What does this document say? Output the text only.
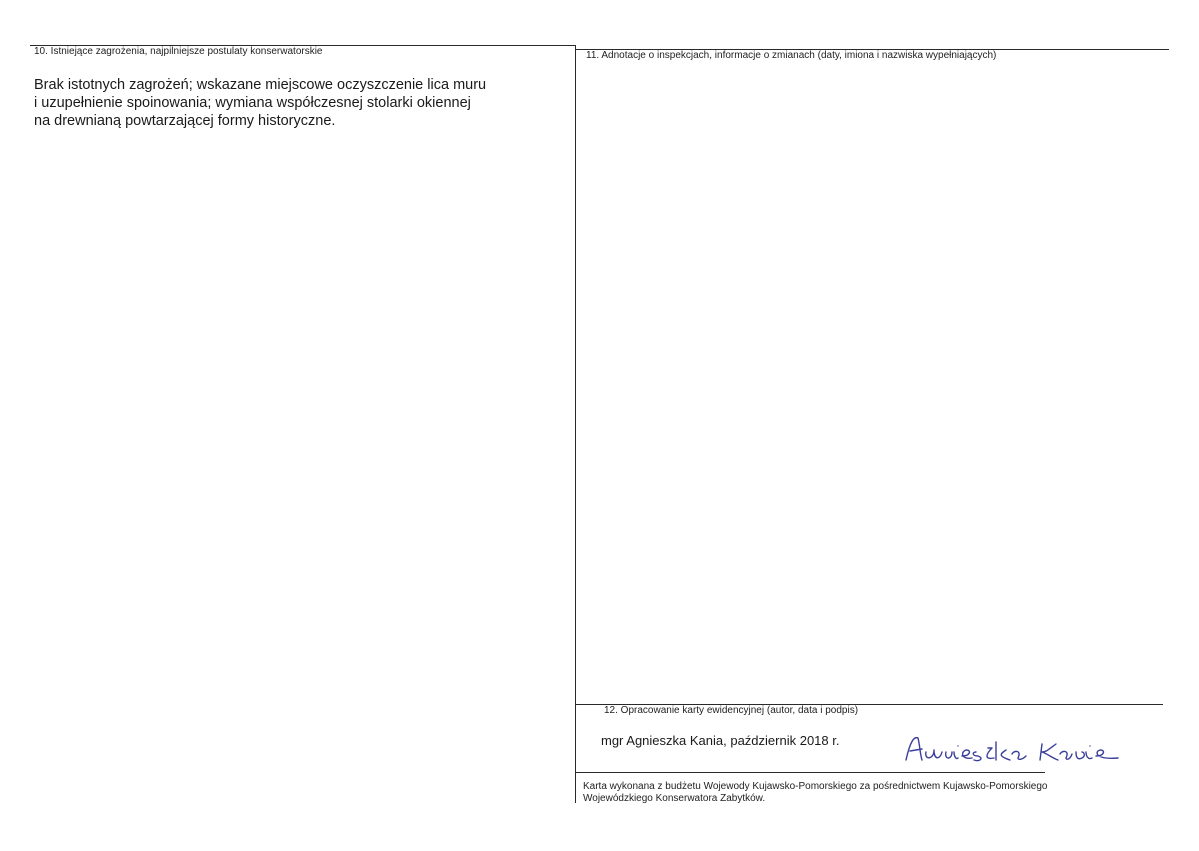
10. Istniejące zagrożenia, najpilniejsze postulaty konserwatorskie
Brak istotnych zagrożeń; wskazane miejscowe oczyszczenie lica muru
i uzupełnienie spoinowania; wymiana współczesnej stolarki okiennej
na drewnianą powtarzającej formy historyczne.
11. Adnotacje o inspekcjach, informacje o zmianach (daty, imiona i nazwiska wypełniających)
12. Opracowanie karty ewidencyjnej (autor, data i podpis)
mgr Agnieszka Kania, październik 2018 r.
Karta wykonana z budżetu Wojewody Kujawsko-Pomorskiego za pośrednictwem Kujawsko-Pomorskiego
Wojewódzkiego Konserwatora Zabytków.
